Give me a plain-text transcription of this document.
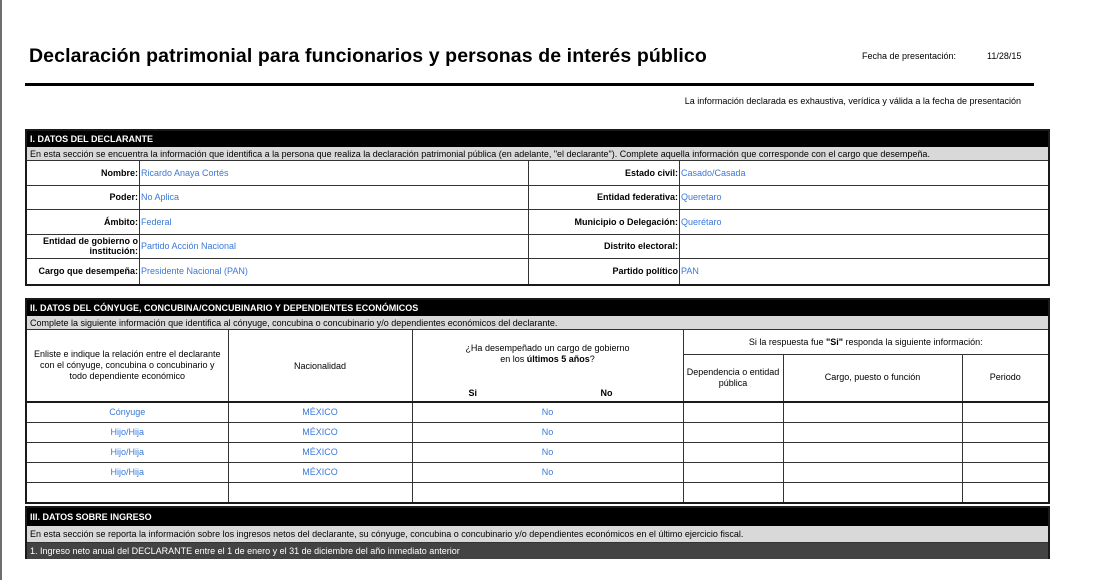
Declaración patrimonial para funcionarios y personas de interés público	Fecha de presentación:	11/28/15
La información declarada es exhaustiva, verídica y válida a la fecha de presentación
I. DATOS DEL DECLARANTE
En esta sección se encuentra la información que identifica a la persona que realiza la declaración patrimonial pública (en adelante, "el declarante"). Complete aquella información que corresponde con el cargo que desempeña.
Nombre: Ricardo Anaya Cortés	Estado civil: Casado/Casada
Poder: No Aplica	Entidad federativa: Queretaro
Ámbito: Federal	Municipio o Delegación: Querétaro
Entidad de gobierno o institución: Partido Acción Nacional	Distrito electoral:
Cargo que desempeña: Presidente Nacional (PAN)	Partido político PAN
II. DATOS DEL CÓNYUGE, CONCUBINA/CONCUBINARIO Y DEPENDIENTES ECONÓMICOS
Complete la siguiente información que identifica al cónyuge, concubina o concubinario y/o dependientes económicos del declarante.
Enliste e indique la relación entre el declarante con el cónyuge, concubina o concubinario y todo dependiente económico	Nacionalidad	¿Ha desempeñado un cargo de gobierno
en los últimos 5 años?
Si No	Si la respuesta fue "Si" responda la siguiente información:		
			Dependencia o entidad pública	Cargo, puesto o función	Periodo
Cónyuge	MÉXICO	No			
Hijo/Hija	MÉXICO	No			
Hijo/Hija	MÉXICO	No			
Hijo/Hija	MÉXICO	No			

III. DATOS SOBRE INGRESO
En esta sección se reporta la información sobre los ingresos netos del declarante, su cónyuge, concubina o concubinario y/o dependientes económicos en el último ejercicio fiscal.
1. Ingreso neto anual del DECLARANTE entre el 1 de enero y el 31 de diciembre del año inmediato anterior
